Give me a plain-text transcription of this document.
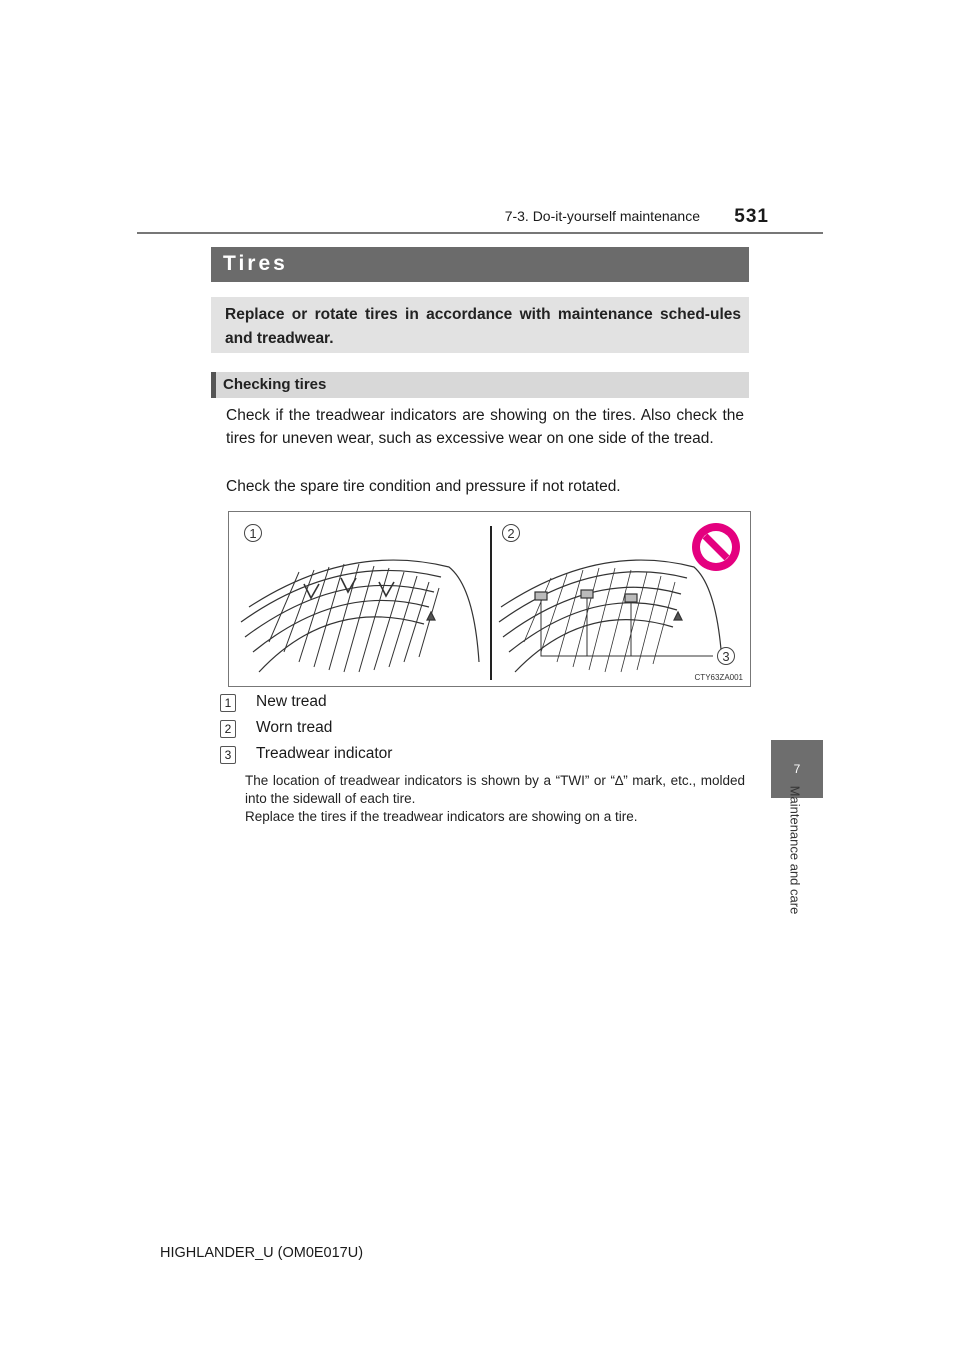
7-3. Do-it-yourself maintenance	531
7
Maintenance and care
Tires
Replace or rotate tires in accordance with maintenance sched-ules and treadwear.
Checking tires
Check if the treadwear indicators are showing on the tires. Also check the tires for uneven wear, such as excessive wear on one side of the tread.
Check the spare tire condition and pressure if not rotated.
1	2
3
CTY63ZA001
1	New tread
2	Worn tread
3	Treadwear indicator
The location of treadwear indicators is shown by a “TWI” or “∆” mark, etc., molded into the sidewall of each tire.
Replace the tires if the treadwear indicators are showing on a tire.
HIGHLANDER_U (OM0E017U)
